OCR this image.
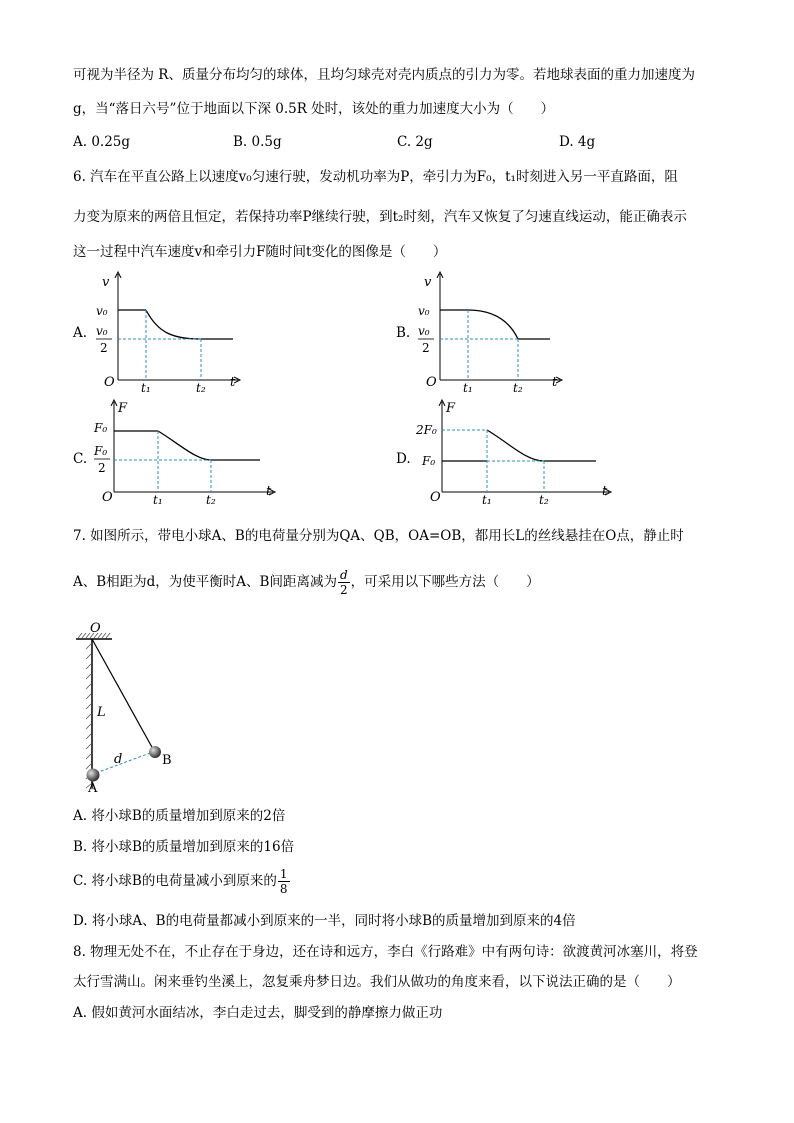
可视为半径为 R、质量分布均匀的球体，且均匀球壳对壳内质点的引力为零。若地球表面的重力加速度为
g，当“落日六号”位于地面以下深 0.5R 处时，该处的重力加速度大小为（　　）
A. 0.25g	B. 0.5g	C. 2g	D. 4g
6. 汽车在平直公路上以速度v₀匀速行驶，发动机功率为P，牵引力为F₀，t₁时刻进入另一平直路面，阻
力变为原来的两倍且恒定，若保持功率P继续行驶，到t₂时刻，汽车又恢复了匀速直线运动，能正确表示
这一过程中汽车速度v和牵引力F随时间t变化的图像是（　　）
A.
v
v₀
v₀
2
O t₁	t₂ t
B.
v
v₀
v₀
2
O t₁	t₂ t
C.
F
F₀
F₀
2
O	t₁	t₂
t
D.
F
2F₀
F₀
O	t₁	t₂
t
7. 如图所示，带电小球A、B的电荷量分别为QA、QB，OA=OB，都用长L的丝线悬挂在O点，静止时
A、B相距为d，为使平衡时A、B间距离减为 $\frac{d}{2}$ ，可采用以下哪些方法（　　）
O
L
d	B
A
A. 将小球B的质量增加到原来的2倍
B. 将小球B的质量增加到原来的16倍
C. 将小球B的电荷量减小到原来的 $\frac{1}{8}$
D. 将小球A、B的电荷量都减小到原来的一半，同时将小球B的质量增加到原来的4倍
8. 物理无处不在，不止存在于身边，还在诗和远方，李白《行路难》中有两句诗：欲渡黄河冰塞川，将登
太行雪满山。闲来垂钓坐溪上，忽复乘舟梦日边。我们从做功的角度来看，以下说法正确的是（　　）
A. 假如黄河水面结冰，李白走过去，脚受到的静摩擦力做正功
